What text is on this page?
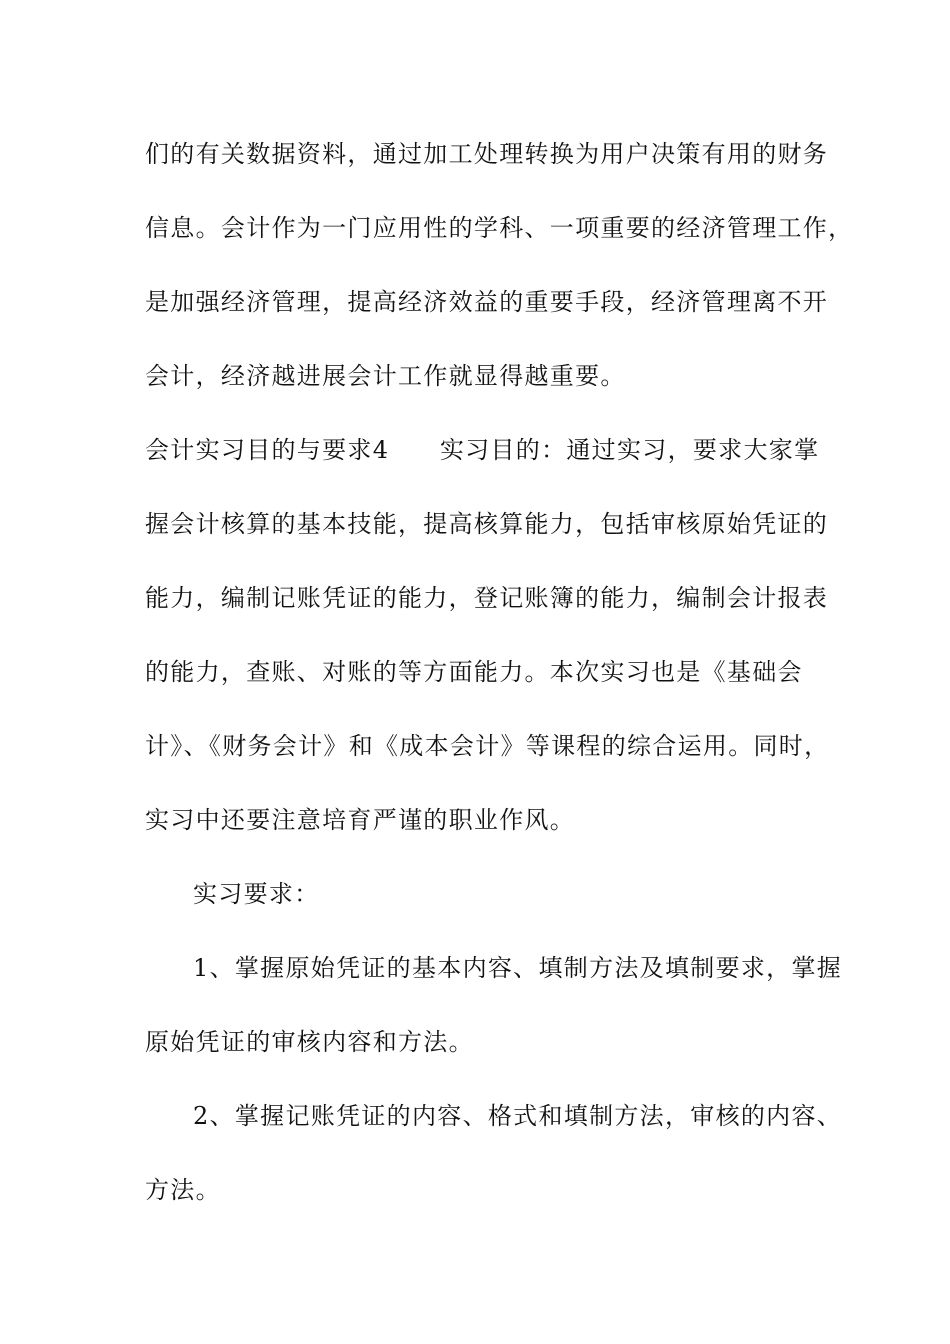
们的有关数据资料，通过加工处理转换为用户决策有用的财务
信息。会计作为一门应用性的学科、一项重要的经济管理工作，
是加强经济管理，提高经济效益的重要手段，经济管理离不开
会计，经济越进展会计工作就显得越重要。
会计实习目的与要求4　　实习目的：通过实习，要求大家掌
握会计核算的基本技能，提高核算能力，包括审核原始凭证的
能力，编制记账凭证的能力，登记账簿的能力，编制会计报表
的能力，查账、对账的等方面能力。本次实习也是《基础会
计》、《财务会计》和《成本会计》等课程的综合运用。同时，
实习中还要注意培育严谨的职业作风。
实习要求：
1、掌握原始凭证的基本内容、填制方法及填制要求，掌握
原始凭证的审核内容和方法。
2、掌握记账凭证的内容、格式和填制方法，审核的内容、
方法。
